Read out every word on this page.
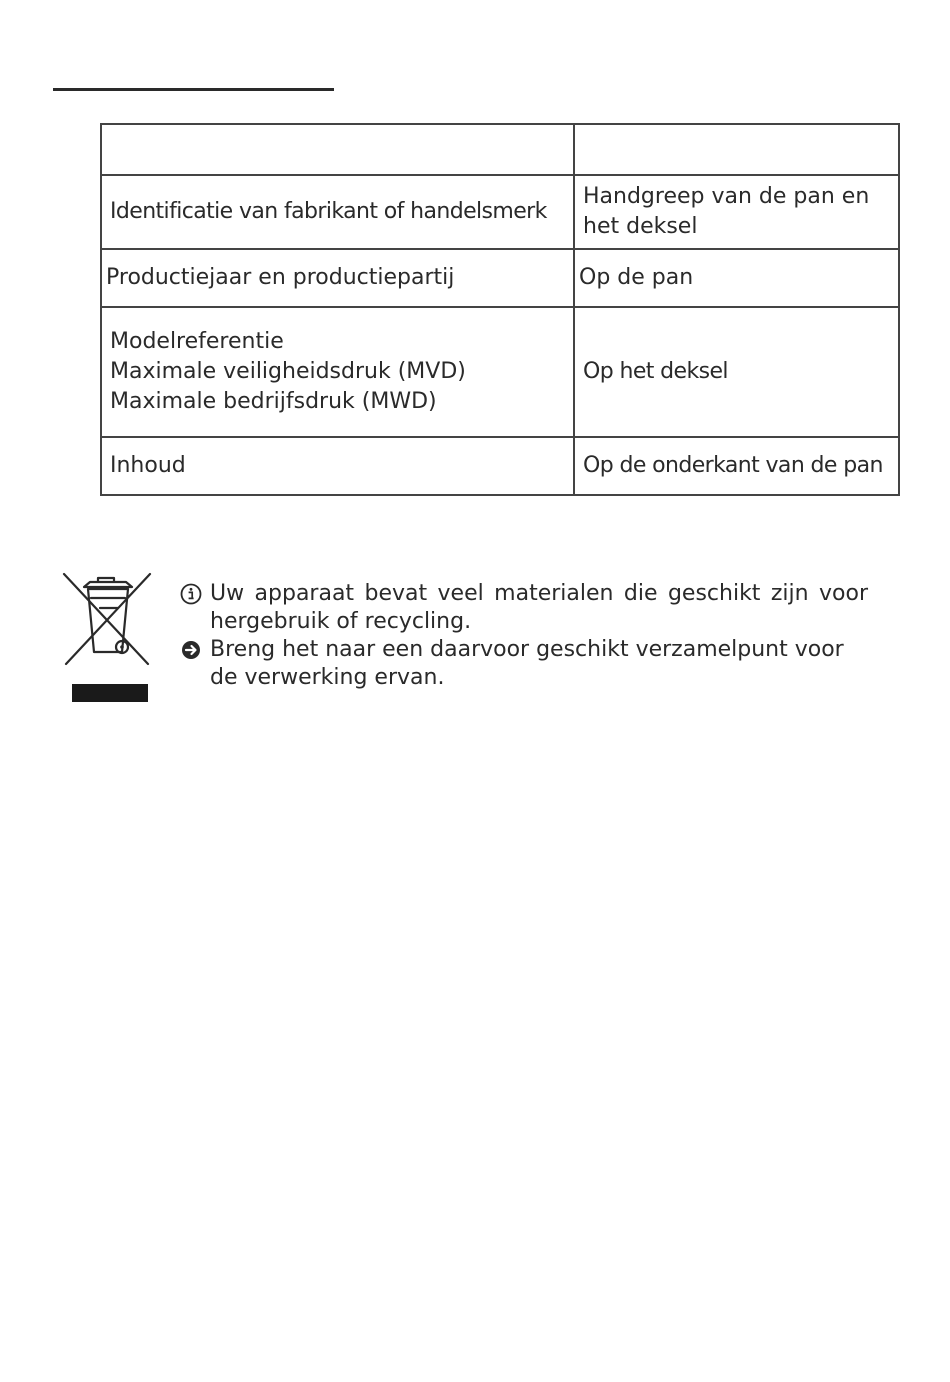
Identificatie van fabrikant of handelsmerk	Handgreep van de pan en
het deksel

Productiejaar en productiepartij	Op de pan

Modelreferentie
Maximale veiligheidsdruk (MVD)
Maximale bedrijfsdruk (MWD)	Op het deksel

Inhoud	Op de onderkant van de pan
Uw apparaat bevat veel materialen die geschikt zijn voor hergebruik of recycling.
Breng het naar een daarvoor geschikt verzamelpunt voor de verwerking ervan.
